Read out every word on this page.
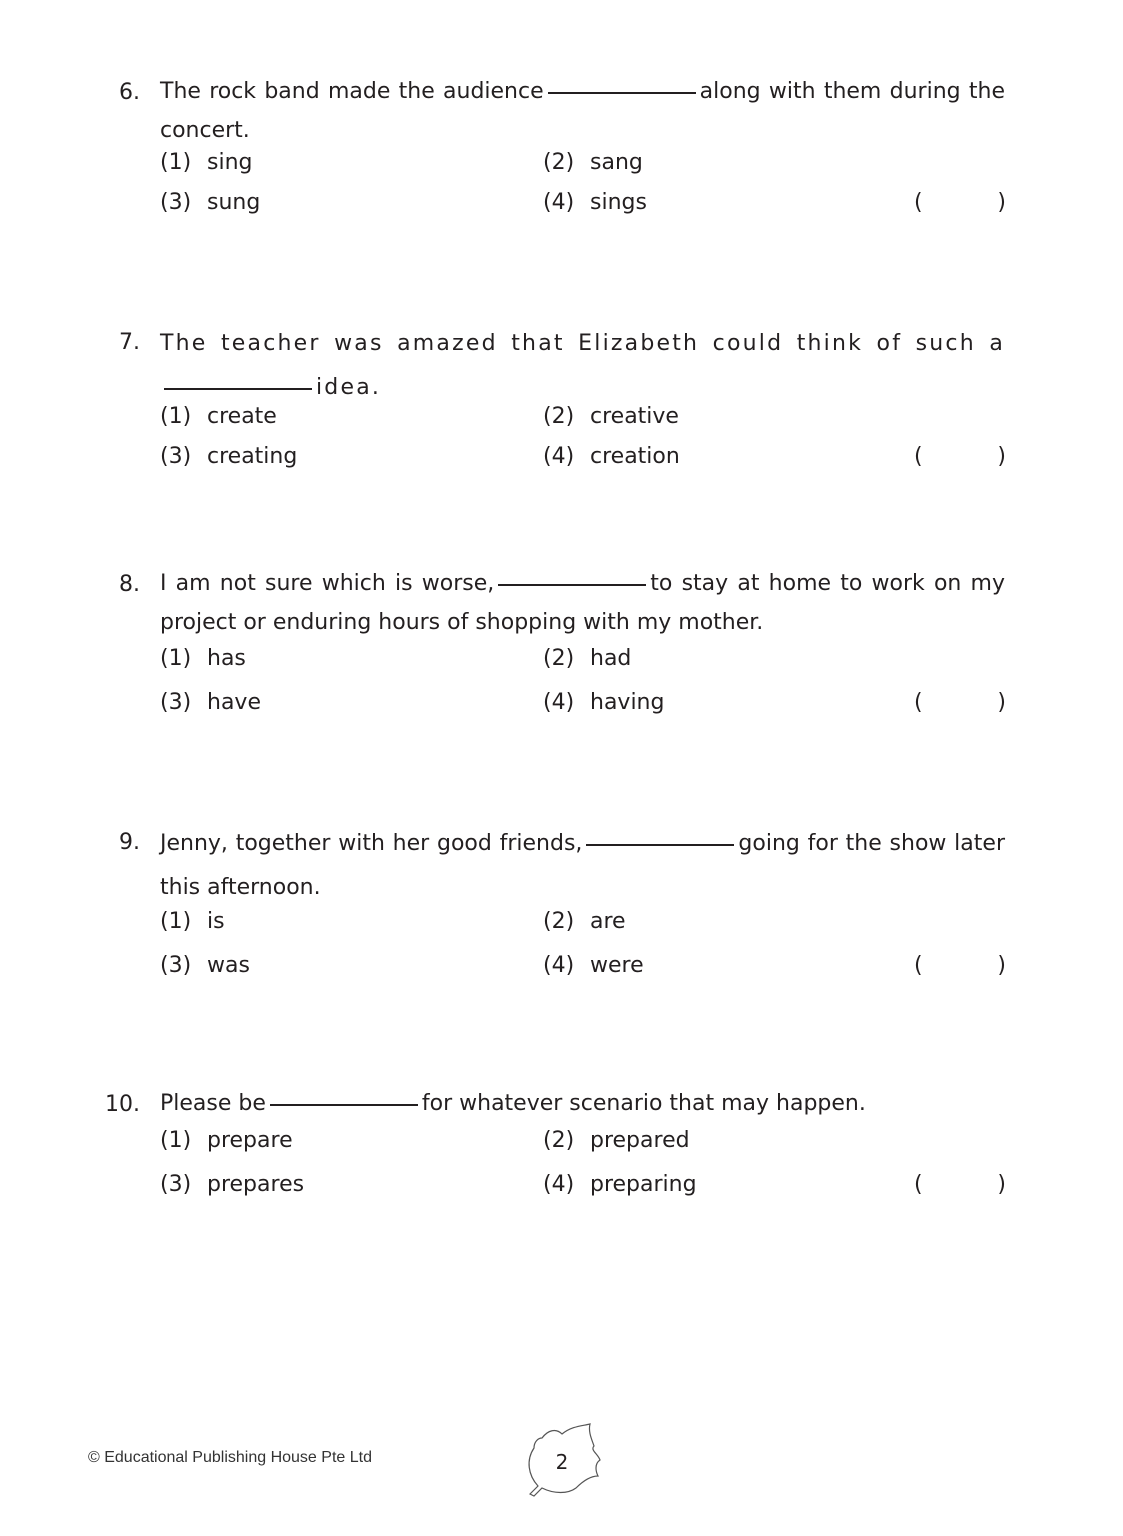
6. The rock band made the audience	along with them during the concert.
(1) sing	(2) sang
(3) sung	(4) sings	(	)
7. The teacher was amazed that Elizabeth could think of such aidea.
(1) create	(2) creative
(3) creating	(4) creation	(	)
8. I am not sure which is worse,	to stay at home to work on my project or enduring hours of shopping with my mother.
(1) has	(2) had
(3) have	(4) having	(	)
9. Jenny, together with her good friends,	going for the show later this afternoon.
(1) is	(2) are
(3) was	(4) were	(	)
10. Please be	for whatever scenario that may happen.
(1) prepare	(2) prepared
(3) prepares	(4) preparing	(	)
© Educational Publishing House Pte Ltd	2
